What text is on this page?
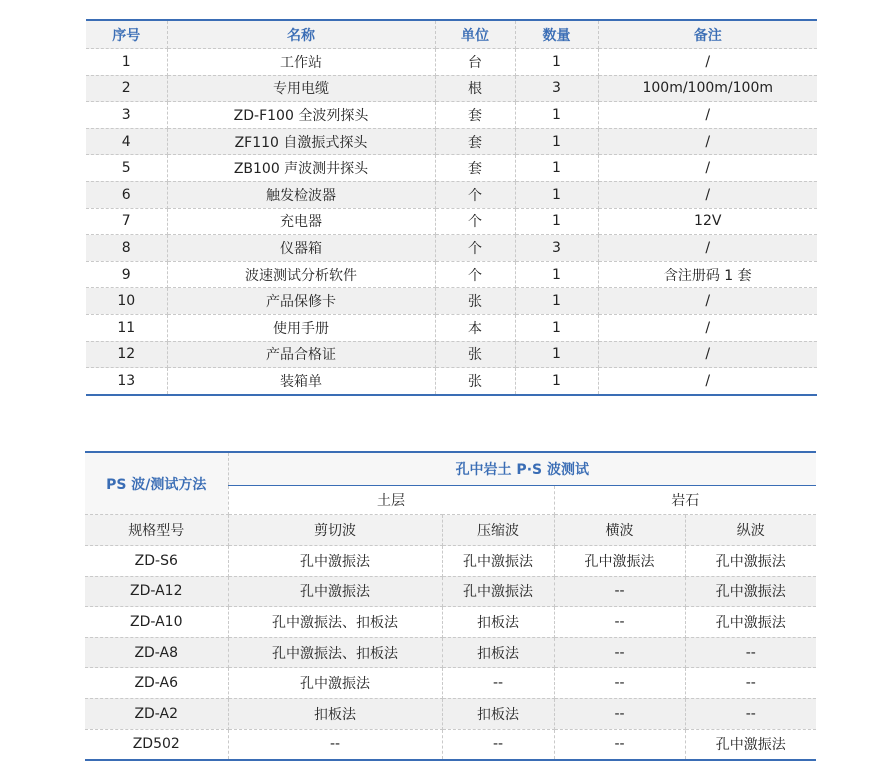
序号	名称	单位	数量	备注
1	工作站	台	1	/
2	专用电缆	根	3	100m/100m/100m
3	ZD-F100 全波列探头	套	1	/
4	ZF110 自激振式探头	套	1	/
5	ZB100 声波测井探头	套	1	/
6	触发检波器	个	1	/
7	充电器	个	1	12V
8	仪器箱	个	3	/
9	波速测试分析软件	个	1	含注册码 1 套
10	产品保修卡	张	1	/
11	使用手册	本	1	/
12	产品合格证	张	1	/
13	装箱单	张	1	/
PS 波/测试方法	孔中岩土 P·S 波测试			
	土层		岩石	
规格型号	剪切波	压缩波	横波	纵波
ZD-S6	孔中激振法	孔中激振法	孔中激振法	孔中激振法
ZD-A12	孔中激振法	孔中激振法	--	孔中激振法
ZD-A10	孔中激振法、扣板法	扣板法	--	孔中激振法
ZD-A8	孔中激振法、扣板法	扣板法	--	--
ZD-A6	孔中激振法	--	--	--
ZD-A2	扣板法	扣板法	--	--
ZD502	--	--	--	孔中激振法
